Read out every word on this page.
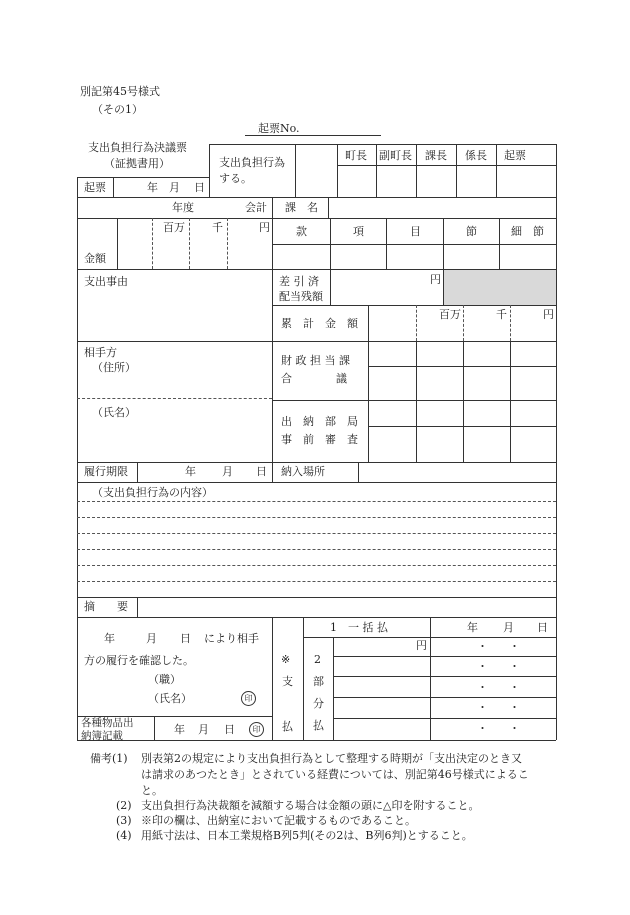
別記第45号様式
（その1）
起票No.
支出負担行為決議票
（証拠書用）
起票	年 月 日
支出負担行為
する。
町長 副町長 課長 係長 起票
年度	会計 課　名
百万 千	円
金額
款	項	目	節	細　節
支出事由	差 引 済
配当残額
円
累　計　金　額
百万	千	円
相手方
（住所）
（氏名）
財 政 担 当 課
合　　　　議
出　納　部　局
事　前　審　査
履行期限	年 月 日 納入場所
（支出負担行為の内容）
摘　　要
年	月 日 により相手
方の履行を確認した。
（職）
（氏名）	印
各種物品出
納簿記載	年 月 日	印
※
支
払
1　一 括 払	年 月 日
2
部
分
払
円	・ ・
・ ・
・ ・
・ ・
・ ・
備考(1) 別表第2の規定により支出負担行為として整理する時期が「支出決定のとき又
は請求のあつたとき」とされている経費については、別記第46号様式によるこ
と。
(2) 支出負担行為決裁額を減額する場合は金額の頭に△印を附すること。
(3) ※印の欄は、出納室において記載するものであること。
(4) 用紙寸法は、日本工業規格B列5判(その2は、B列6判)とすること。
